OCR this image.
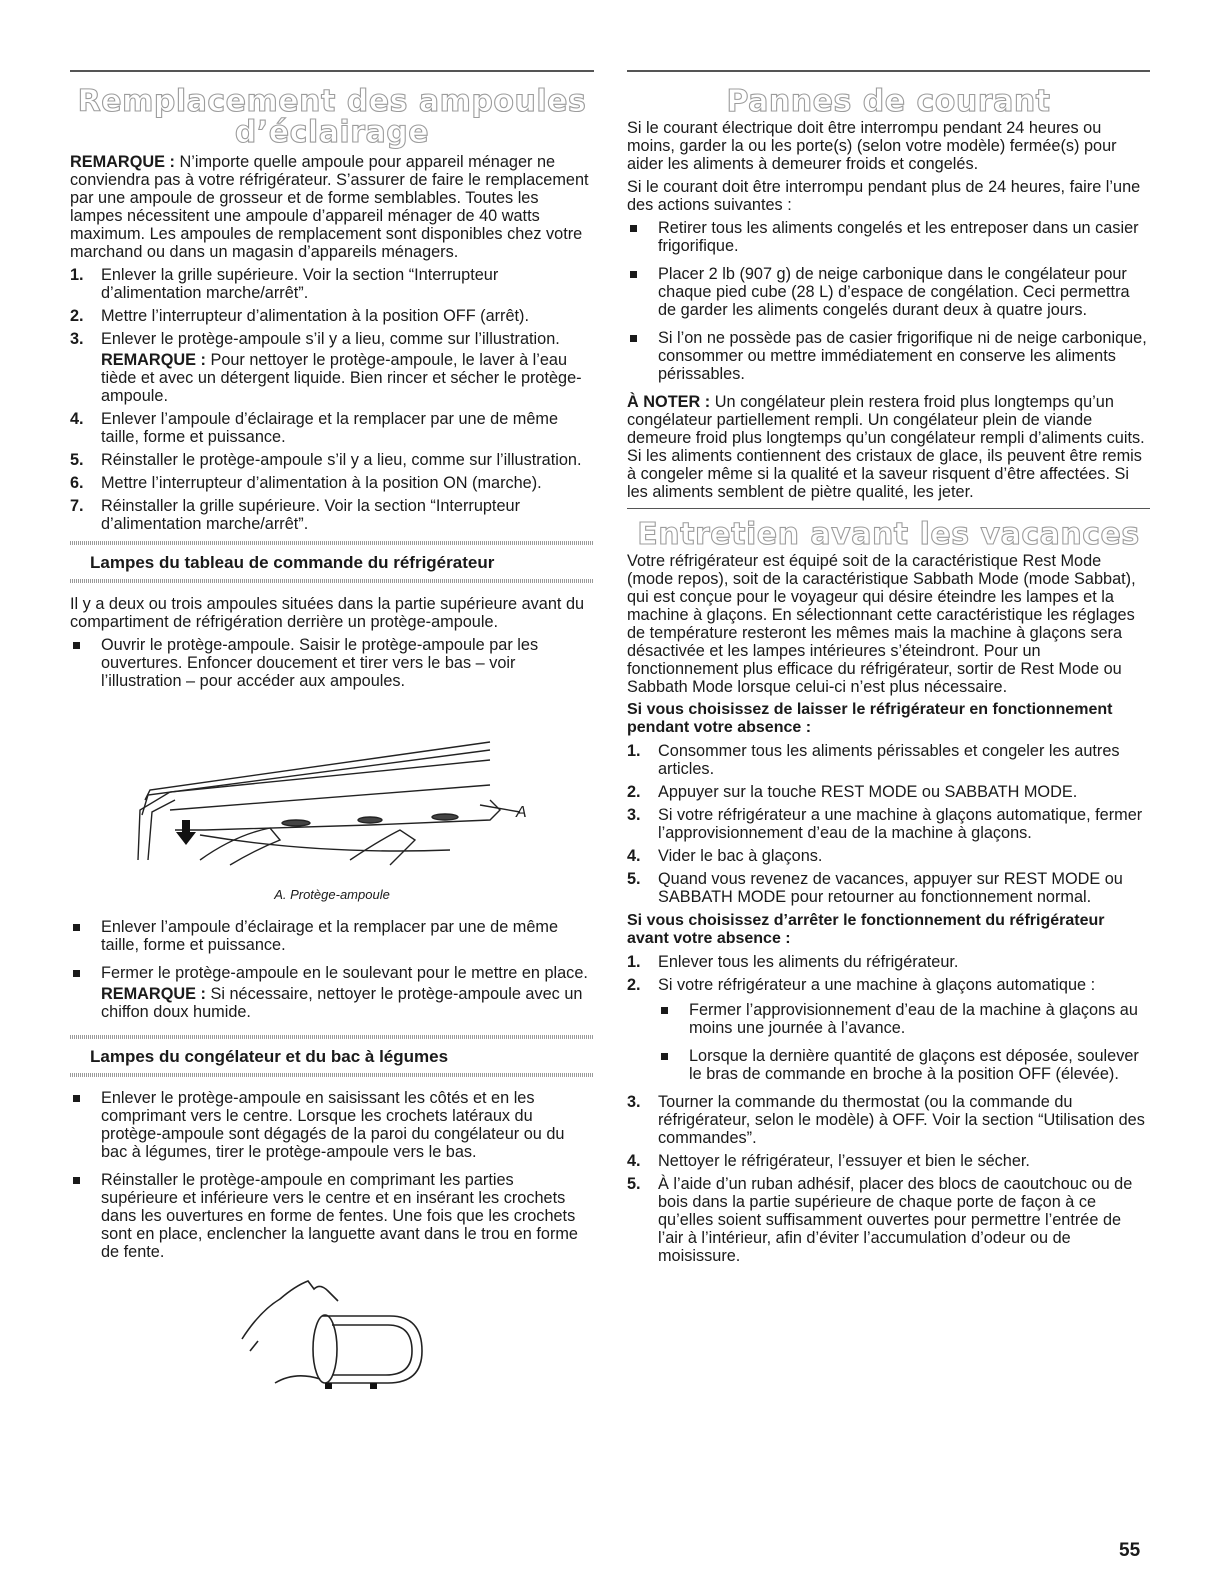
Remplacement des ampoules
d’éclairage

REMARQUE : N’importe quelle ampoule pour appareil ménager ne conviendra pas à votre réfrigérateur. S’assurer de faire le remplacement par une ampoule de grosseur et de forme semblables. Toutes les lampes nécessitent une ampoule d’appareil ménager de 40 watts maximum. Les ampoules de remplacement sont disponibles chez votre marchand ou dans un magasin d’appareils ménagers.

1. Enlever la grille supérieure. Voir la section “Interrupteur d’alimentation marche/arrêt”.
2. Mettre l’interrupteur d’alimentation à la position OFF (arrêt).
3. Enlever le protège-ampoule s’il y a lieu, comme sur l’illustration.

REMARQUE : Pour nettoyer le protège-ampoule, le laver à l’eau tiède et avec un détergent liquide. Bien rincer et sécher le protège-ampoule.

4. Enlever l’ampoule d’éclairage et la remplacer par une de même taille, forme et puissance.
5. Réinstaller le protège-ampoule s’il y a lieu, comme sur l’illustration.
6. Mettre l’interrupteur d’alimentation à la position ON (marche).
7. Réinstaller la grille supérieure. Voir la section “Interrupteur d’alimentation marche/arrêt”.
Lampes du tableau de commande du réfrigérateur

Il y a deux ou trois ampoules situées dans la partie supérieure avant du compartiment de réfrigération derrière un protège-ampoule.

Ouvrir le protège-ampoule. Saisir le protège-ampoule par les ouvertures. Enfoncer doucement et tirer vers le bas – voir l’illustration – pour accéder aux ampoules.
A
A. Protège-ampoule
Enlever l’ampoule d’éclairage et la remplacer par une de même taille, forme et puissance.
Fermer le protège-ampoule en le soulevant pour le mettre en place.

REMARQUE : Si nécessaire, nettoyer le protège-ampoule avec un chiffon doux humide.

Lampes du congélateur et du bac à légumes
Enlever le protège-ampoule en saisissant les côtés et en les comprimant vers le centre. Lorsque les crochets latéraux du protège-ampoule sont dégagés de la paroi du congélateur ou du bac à légumes, tirer le protège-ampoule vers le bas.
Réinstaller le protège-ampoule en comprimant les parties supérieure et inférieure vers le centre et en insérant les crochets dans les ouvertures en forme de fentes. Une fois que les crochets sont en place, enclencher la languette avant dans le trou en forme de fente.
Pannes de courant

Si le courant électrique doit être interrompu pendant 24 heures ou moins, garder la ou les porte(s) (selon votre modèle) fermée(s) pour aider les aliments à demeurer froids et congelés.

Si le courant doit être interrompu pendant plus de 24 heures, faire l’une des actions suivantes :

Retirer tous les aliments congelés et les entreposer dans un casier frigorifique.
Placer 2 lb (907 g) de neige carbonique dans le congélateur pour chaque pied cube (28 L) d’espace de congélation. Ceci permettra de garder les aliments congelés durant deux à quatre jours.
Si l’on ne possède pas de casier frigorifique ni de neige carbonique, consommer ou mettre immédiatement en conserve les aliments périssables.

À NOTER : Un congélateur plein restera froid plus longtemps qu’un congélateur partiellement rempli. Un congélateur plein de viande demeure froid plus longtemps qu’un congélateur rempli d’aliments cuits. Si les aliments contiennent des cristaux de glace, ils peuvent être remis à congeler même si la qualité et la saveur risquent d’être affectées. Si les aliments semblent de piètre qualité, les jeter.

Entretien avant les vacances

Votre réfrigérateur est équipé soit de la caractéristique Rest Mode (mode repos), soit de la caractéristique Sabbath Mode (mode Sabbat), qui est conçue pour le voyageur qui désire éteindre les lampes et la machine à glaçons. En sélectionnant cette caractéristique les réglages de température resteront les mêmes mais la machine à glaçons sera désactivée et les lampes intérieures s’éteindront. Pour un fonctionnement plus efficace du réfrigérateur, sortir de Rest Mode ou Sabbath Mode lorsque celui-ci n’est plus nécessaire.

Si vous choisissez de laisser le réfrigérateur en fonctionnement pendant votre absence :
1. Consommer tous les aliments périssables et congeler les autres articles.
2. Appuyer sur la touche REST MODE ou SABBATH MODE.
3. Si votre réfrigérateur a une machine à glaçons automatique, fermer l’approvisionnement d’eau de la machine à glaçons.
4. Vider le bac à glaçons.
5. Quand vous revenez de vacances, appuyer sur REST MODE ou SABBATH MODE pour retourner au fonctionnement normal.
Si vous choisissez d’arrêter le fonctionnement du réfrigérateur avant votre absence :
1. Enlever tous les aliments du réfrigérateur.
2. Si votre réfrigérateur a une machine à glaçons automatique :
Fermer l’approvisionnement d’eau de la machine à glaçons au moins une journée à l’avance.
Lorsque la dernière quantité de glaçons est déposée, soulever le bras de commande en broche à la position OFF (élevée).
3. Tourner la commande du thermostat (ou la commande du réfrigérateur, selon le modèle) à OFF. Voir la section “Utilisation des commandes”.
4. Nettoyer le réfrigérateur, l’essuyer et bien le sécher.
5. À l’aide d’un ruban adhésif, placer des blocs de caoutchouc ou de bois dans la partie supérieure de chaque porte de façon à ce qu’elles soient suffisamment ouvertes pour permettre l’entrée de l’air à l’intérieur, afin d’éviter l’accumulation d’odeur ou de moisissure.
55
